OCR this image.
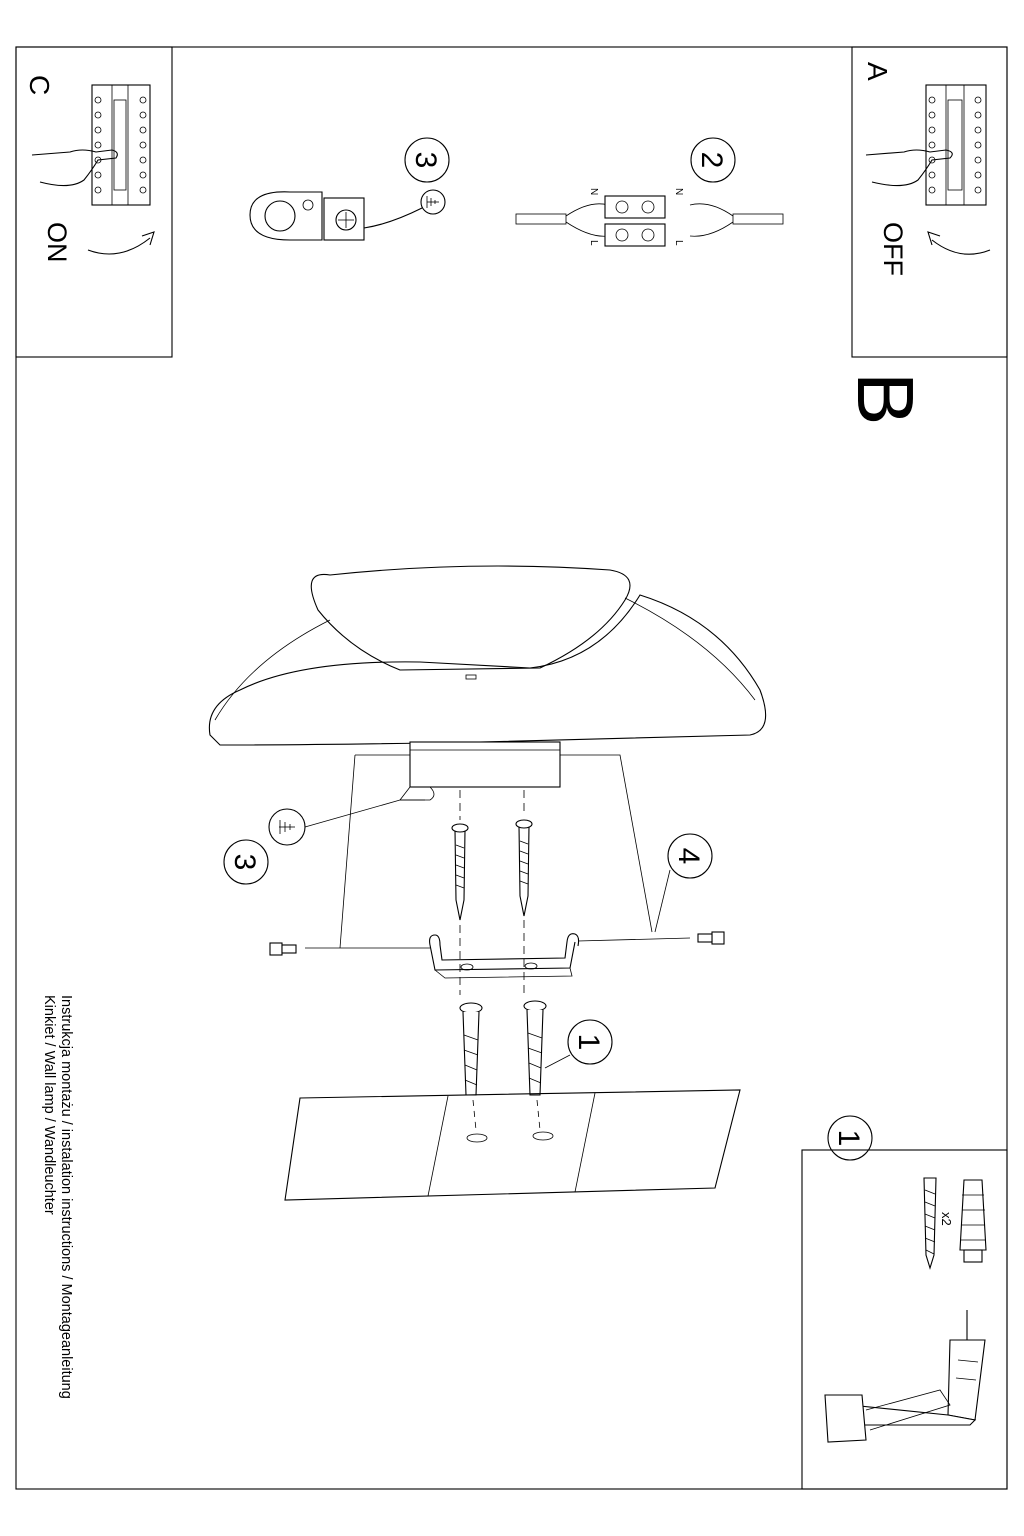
C
ON
A
OFF
B
3	2
N	N
L	L
3	4
1
1
x2
Instrukcja montażu / instalation instructions / Montageanleitung
Kinkiet / Wall lamp / Wandleuchter
